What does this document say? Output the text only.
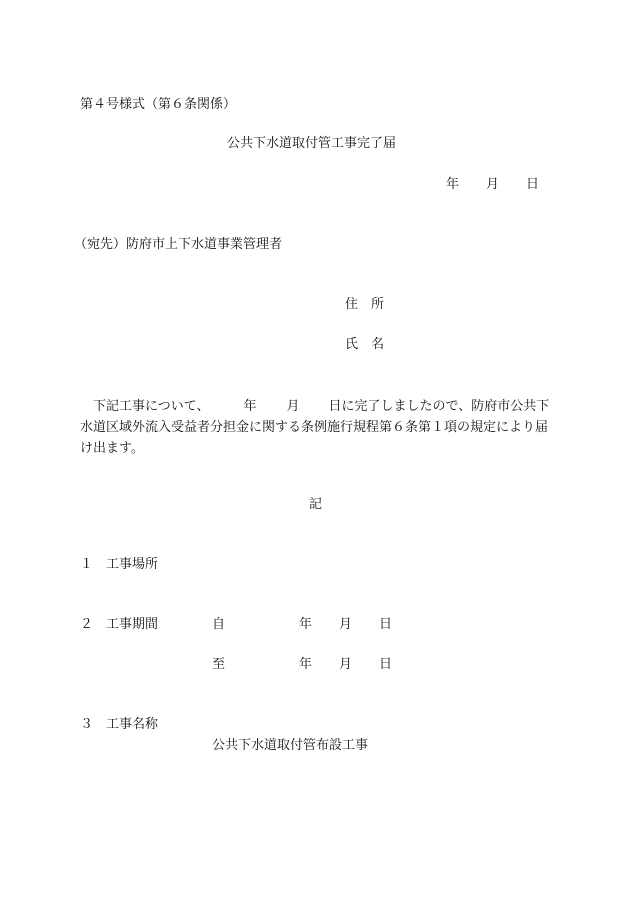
第４号様式（第６条関係）
公共下水道取付管工事完了届
年 月 日
（宛先）防府市上下水道事業管理者
住　所
氏　名
　下記工事について、	年 月 日に完了しましたので、防府市公共下水道区域外流入受益者分担金に関する条例施行規程第６条第１項の規定により届け出ます。
記
１ 工事場所
２ 工事期間	自	年 月 日
至	年 月 日
３ 工事名称
公共下水道取付管布設工事
